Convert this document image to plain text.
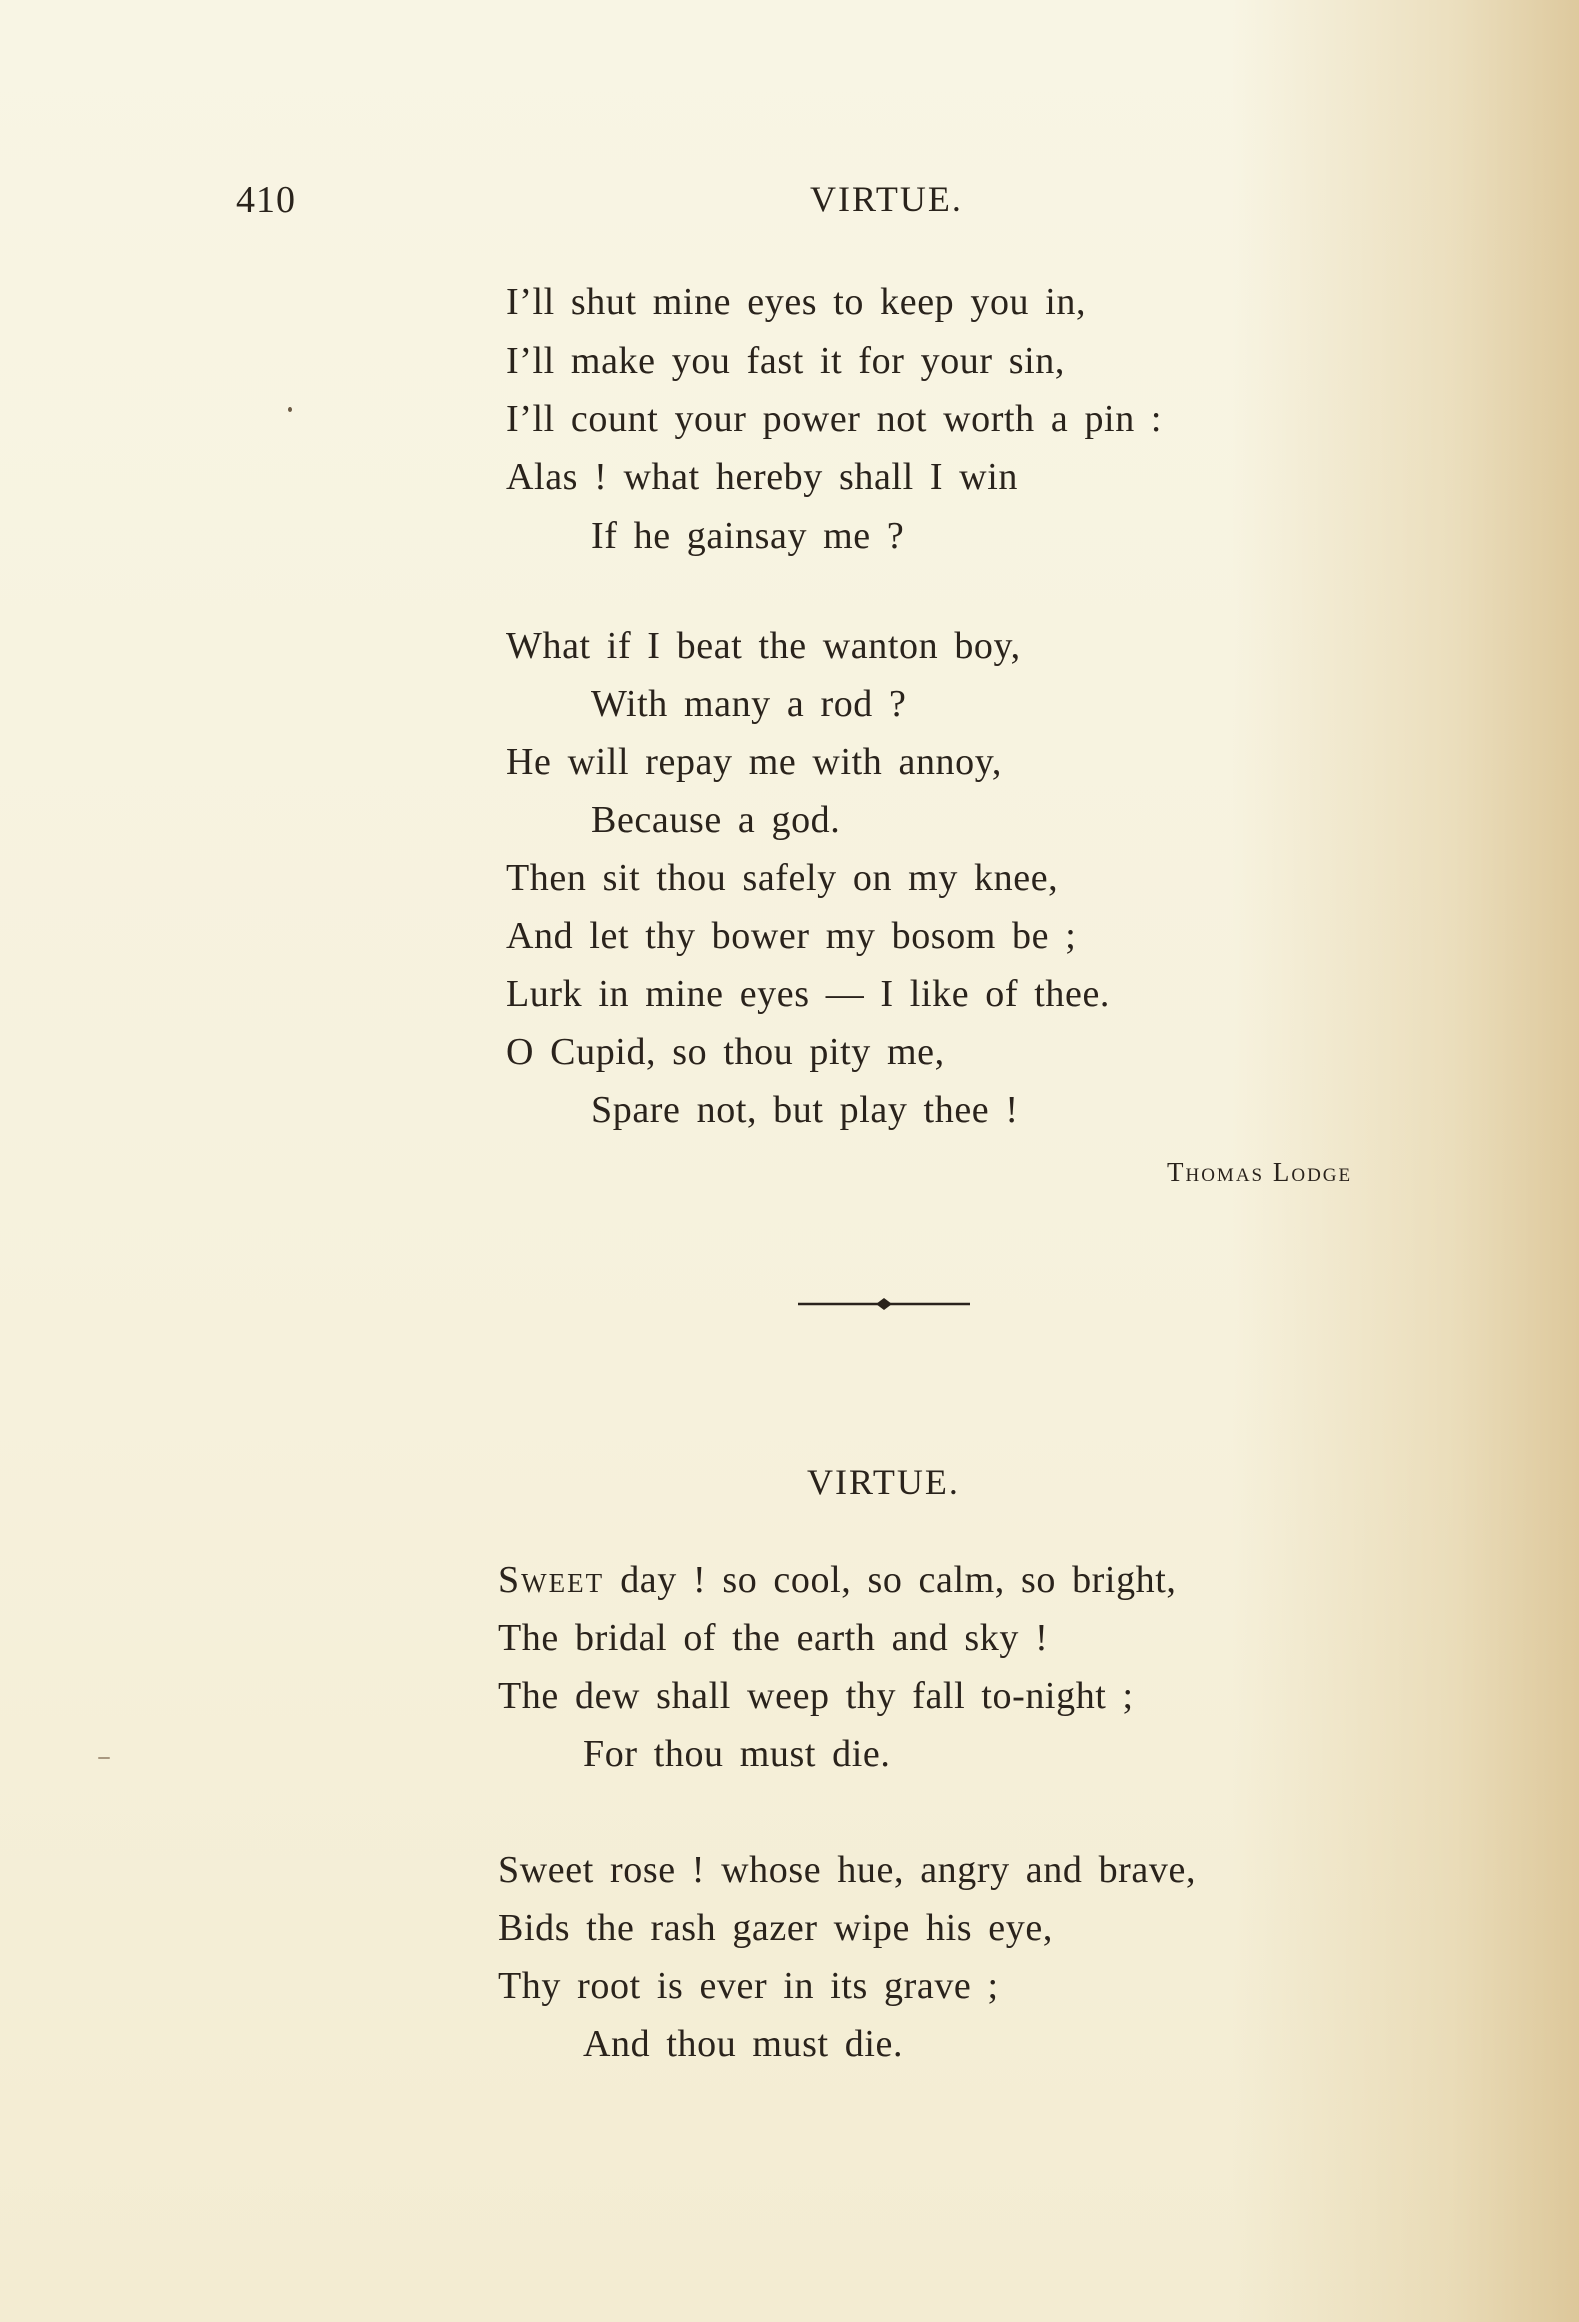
410	VIRTUE.
I’ll shut mine eyes to keep you in,
I’ll make you fast it for your sin,
I’ll count your power not worth a pin :
Alas ! what hereby shall I win
If he gainsay me ?
What if I beat the wanton boy,
With many a rod ?
He will repay me with annoy,
Because a god.
Then sit thou safely on my knee,
And let thy bower my bosom be ;
Lurk in mine eyes — I like of thee.
O Cupid, so thou pity me,
Spare not, but play thee !
Thomas Lodge
VIRTUE.
Sweet day ! so cool, so calm, so bright,
The bridal of the earth and sky !
The dew shall weep thy fall to-night ;
For thou must die.
Sweet rose ! whose hue, angry and brave,
Bids the rash gazer wipe his eye,
Thy root is ever in its grave ;
And thou must die.
